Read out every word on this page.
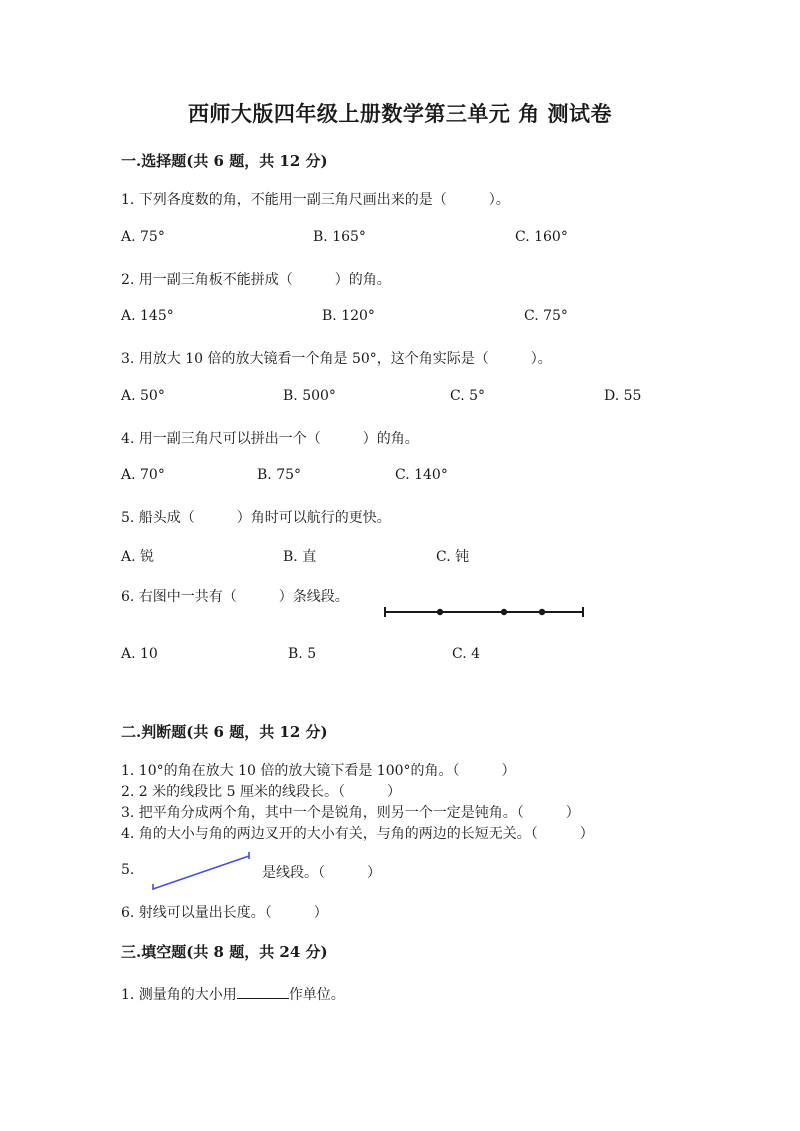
西师大版四年级上册数学第三单元 角 测试卷
一.选择题(共 6 题，共 12 分)
1. 下列各度数的角，不能用一副三角尺画出来的是（　　　）。
A. 75°	B. 165°	C. 160°
2. 用一副三角板不能拼成（　　　）的角。
A. 145°	B. 120°	C. 75°
3. 用放大 10 倍的放大镜看一个角是 50°，这个角实际是（　　　）。
A. 50°	B. 500°	C. 5°	D. 55
4. 用一副三角尺可以拼出一个（　　　）的角。
A. 70°	B. 75°	C. 140°
5. 船头成（　　　）角时可以航行的更快。
A. 锐	B. 直	C. 钝
6. 右图中一共有（　　　）条线段。
A. 10	B. 5	C. 4
二.判断题(共 6 题，共 12 分)
1. 10°的角在放大 10 倍的放大镜下看是 100°的角。（　　　）
2. 2 米的线段比 5 厘米的线段长。（　　　）
3. 把平角分成两个角，其中一个是锐角，则另一个一定是钝角。（　　　）
4. 角的大小与角的两边叉开的大小有关，与角的两边的长短无关。（　　　）
5.	是线段。（　　　）
6. 射线可以量出长度。（　　　）
三.填空题(共 8 题，共 24 分)
1. 测量角的大小用	作单位。
